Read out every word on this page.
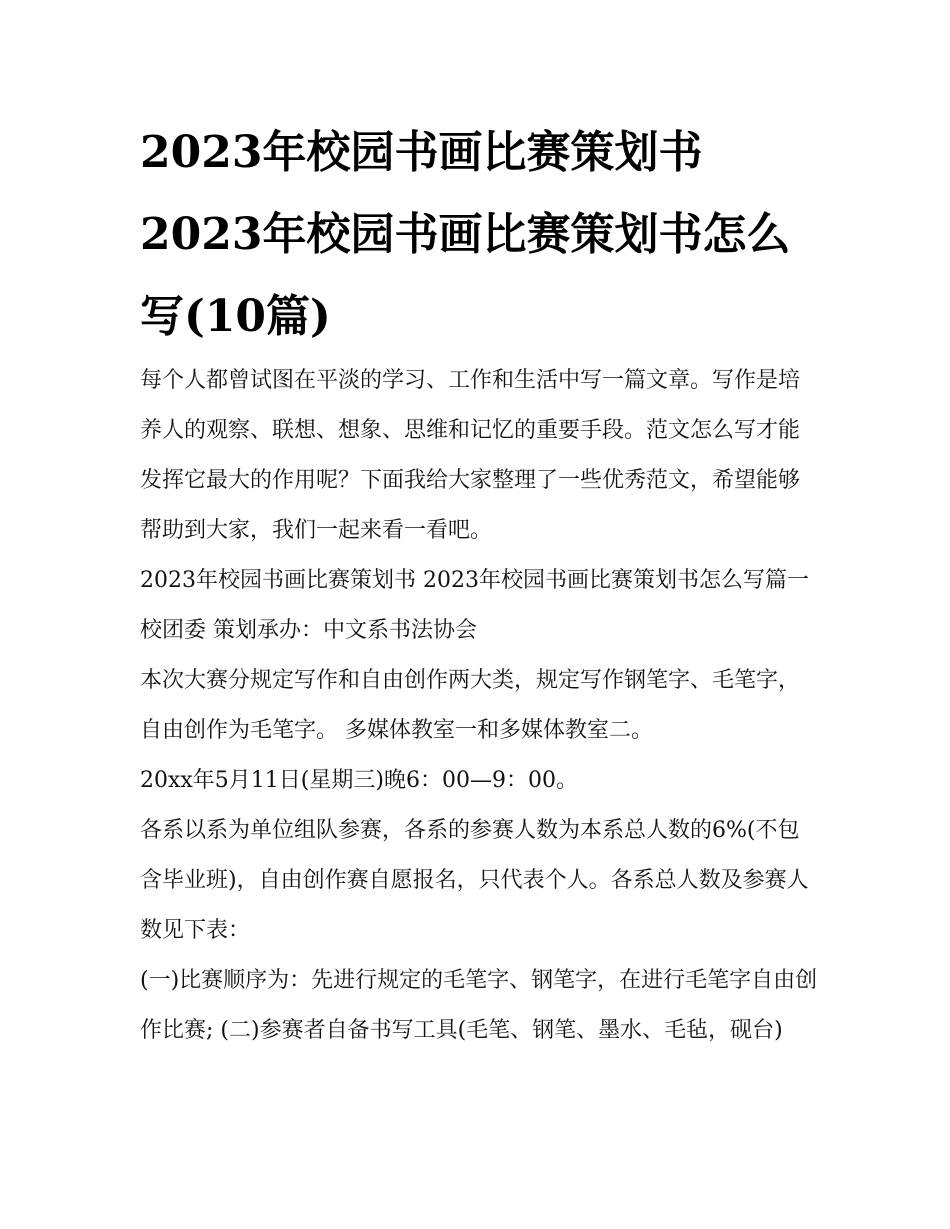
2023年校园书画比赛策划书 2023年校园书画比赛策划书怎么写(10篇)

每个人都曾试图在平淡的学习、工作和生活中写一篇文章。写作是培养人的观察、联想、想象、思维和记忆的重要手段。范文怎么写才能发挥它最大的作用呢？下面我给大家整理了一些优秀范文，希望能够帮助到大家，我们一起来看一看吧。

2023年校园书画比赛策划书 2023年校园书画比赛策划书怎么写篇一 校团委 策划承办：中文系书法协会

本次大赛分规定写作和自由创作两大类，规定写作钢笔字、毛笔字，自由创作为毛笔字。 多媒体教室一和多媒体教室二。

20xx年5月11日(星期三)晚6：00—9：00。

各系以系为单位组队参赛，各系的参赛人数为本系总人数的6%(不包含毕业班)，自由创作赛自愿报名，只代表个人。各系总人数及参赛人数见下表：

(一)比赛顺序为：先进行规定的毛笔字、钢笔字，在进行毛笔字自由创作比赛; (二)参赛者自备书写工具(毛笔、钢笔、墨水、毛毡，砚台)
